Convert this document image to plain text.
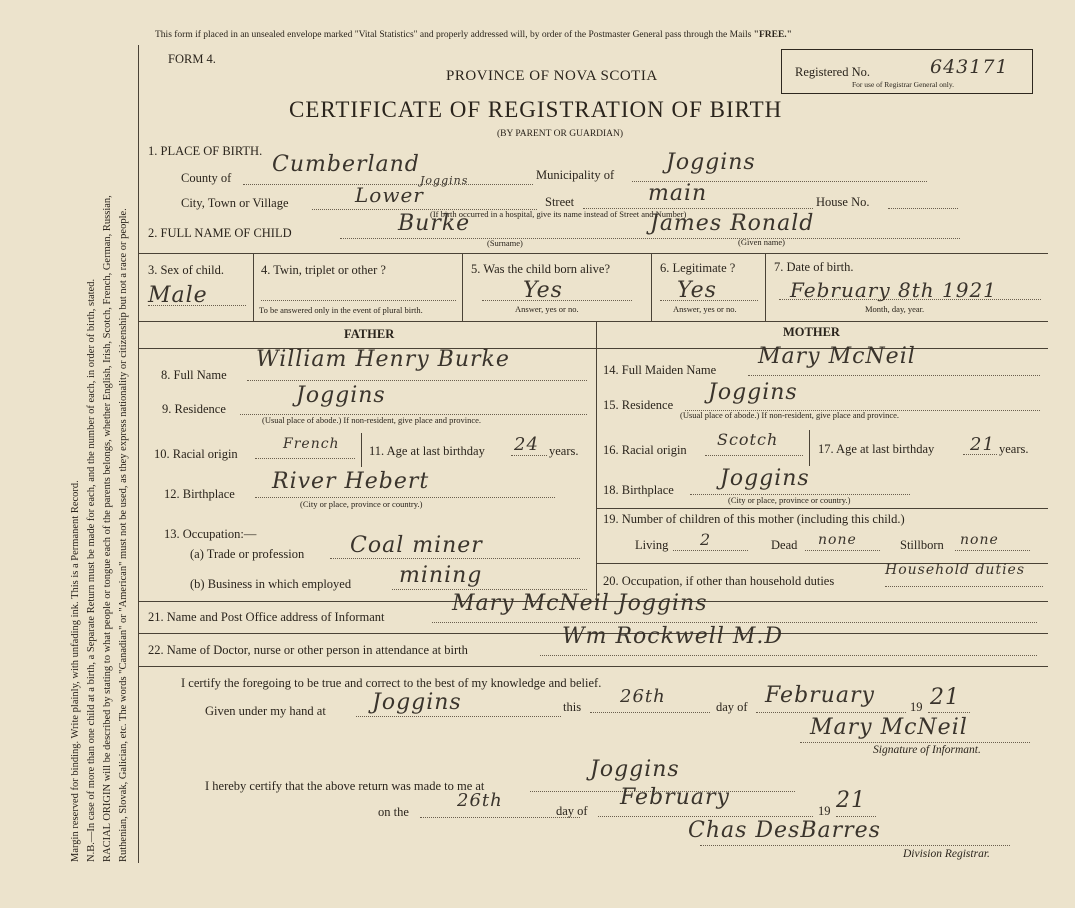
Margin reserved for binding. Write plainly, with unfading ink. This is a Permanent Record. N.B.—In case of more than one child at a birth, a Separate Return must be made for each, and the number of each, in order of birth, stated. RACIAL ORIGIN will be described by stating to what people or tongue each of the parents belongs, whether English, Irish, Scotch, French, German, Russian, Ruthenian, Slovak, Galician, etc. The words "Canadian" or "American" must not be used, as they express nationality or citizenship but not a race or people.
This form if placed in an unsealed envelope marked "Vital Statistics" and properly addressed will, by order of the Postmaster General pass through the Mails "FREE."
FORM 4.
PROVINCE OF NOVA SCOTIA
CERTIFICATE OF REGISTRATION OF BIRTH
(BY PARENT OR GUARDIAN)
Registered No.	643171
For use of Registrar General only.
1. PLACE OF BIRTH.
County of
Cumberland	Municipality of Joggins
City, Town or Village	Lower
Joggins
Street	main	House No.
(If birth occurred in a hospital, give its name instead of Street and Number)
2. FULL NAME OF CHILD	Burke	James Ronald
(Surname)	(Given name)
3. Sex of child.
Male
4. Twin, triplet or other ?
To be answered only in the event of plural birth.
5. Was the child born alive?
Yes
Answer, yes or no.
6. Legitimate ?
Yes
Answer, yes or no.
7. Date of birth.
February 8th 1921
Month, day, year.
FATHER	MOTHER
8. Full Name
William Henry Burke
9. Residence
Joggins
(Usual place of abode.) If non-resident, give place and province.
10. Racial origin
French 11. Age at last birthday 24 years.
12. Birthplace River Hebert
(City or place, province or country.)
13. Occupation:—
(a) Trade or profession Coal miner
(b) Business in which employed mining
14. Full Maiden Name
Mary McNeil
15. Residence Joggins
(Usual place of abode.) If non-resident, give place and province.
16. Racial origin
Scotch	17. Age at last birthday 21 years.
18. Birthplace Joggins
(City or place, province or country.)
19. Number of children of this mother (including this child.)
Living 2	Dead none	Stillborn none
20. Occupation, if other than household duties
Household duties
21. Name and Post Office address of Informant
Mary McNeil Joggins
22. Name of Doctor, nurse or other person in attendance at birth
Wm Rockwell M.D
I certify the foregoing to be true and correct to the best of my knowledge and belief.
Given under my hand at Joggins	this 26th	day of February	19 21
Mary McNeil
Signature of Informant.
I hereby certify that the above return was made to me at
Joggins
on the
26th	day of
February
19 21
Chas DesBarres
Division Registrar.
